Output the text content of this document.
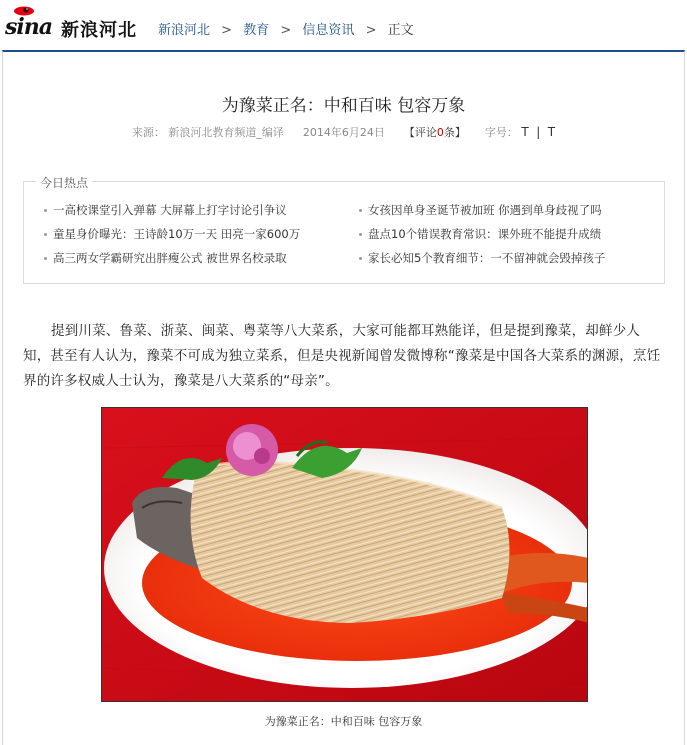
sina 新浪河北 新浪河北 > 教育 > 信息资讯 > 正文
为豫菜正名：中和百味 包容万象
来源： 新浪河北教育频道_编译 2014年6月24日 【评论0条】 字号： T | T
今日热点
一高校课堂引入弹幕 大屏幕上打字讨论引争议
童星身价曝光：王诗龄10万一天 田亮一家600万
高三两女学霸研究出胖瘦公式 被世界名校录取
女孩因单身圣诞节被加班 你遇到单身歧视了吗
盘点10个错误教育常识：课外班不能提升成绩
家长必知5个教育细节：一不留神就会毁掉孩子

提到川菜、鲁菜、浙菜、闽菜、粤菜等八大菜系，大家可能都耳熟能详，但是提到豫菜，却鲜少人知，甚至有人认为，豫菜不可成为独立菜系，但是央视新闻曾发微博称“豫菜是中国各大菜系的渊源，烹饪界的许多权威人士认为，豫菜是八大菜系的“母亲”。

为豫菜正名：中和百味 包容万象
